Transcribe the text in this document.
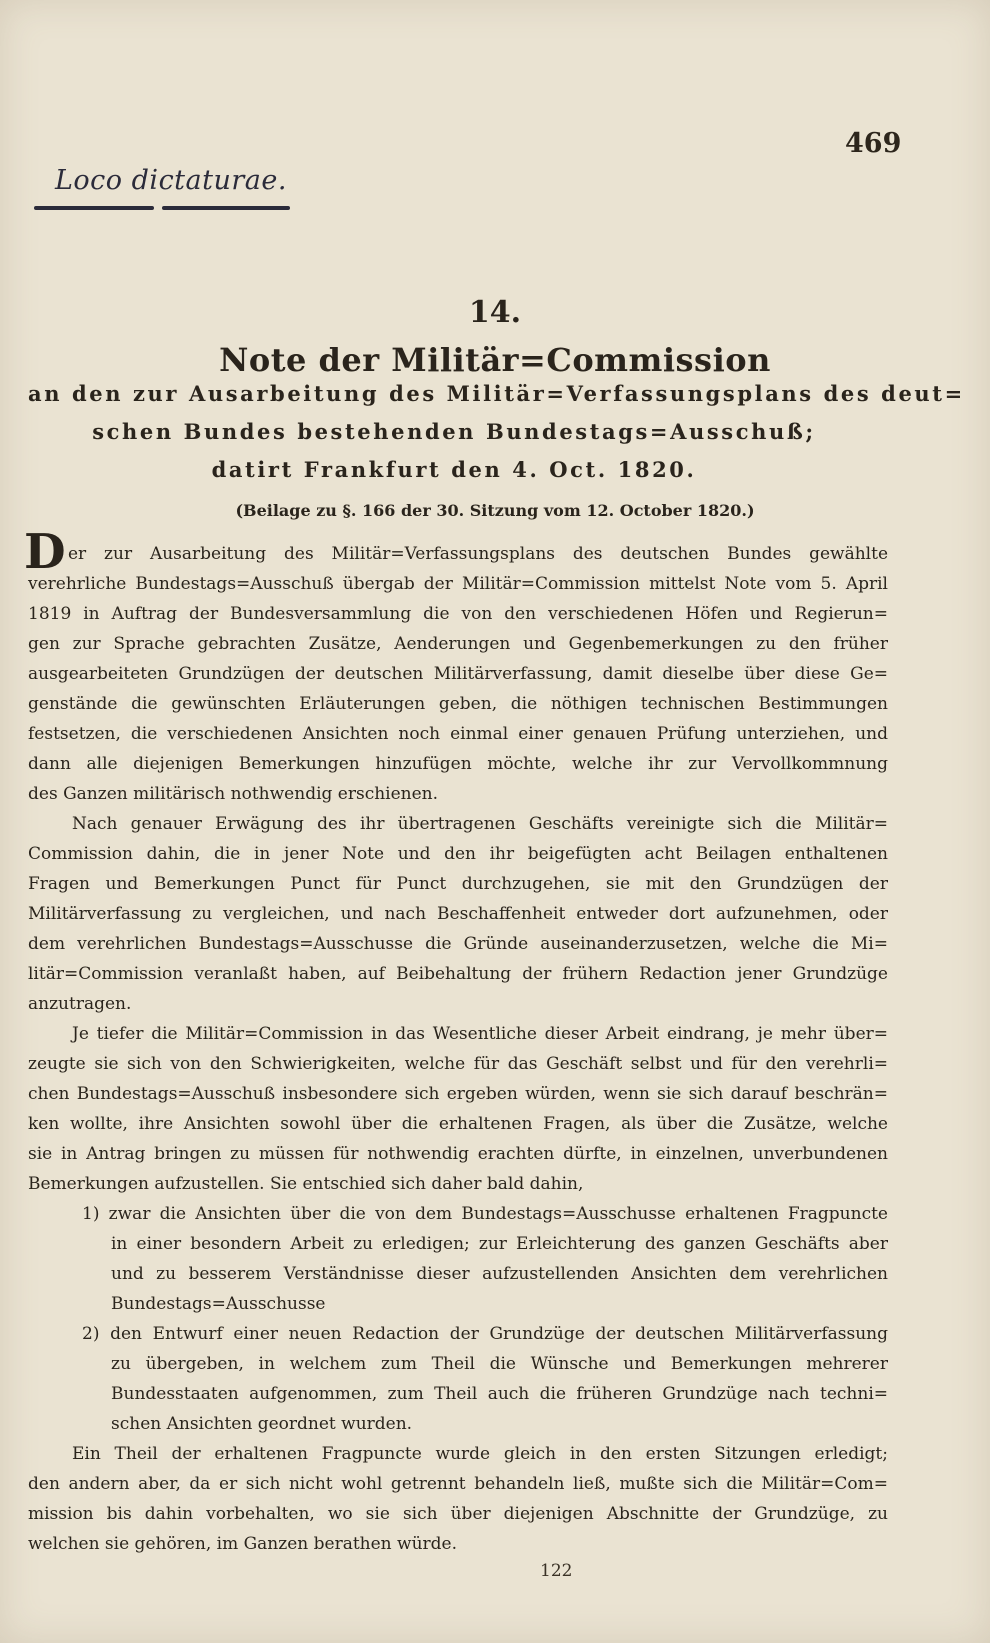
469
Loco dictaturae.
14.
Note der Militär=Commission
an den zur Ausarbeitung des Militär=Verfassungsplans des deut=
schen Bundes bestehenden Bundestags=Ausschuß;
datirt Frankfurt den 4. Oct. 1820.
(Beilage zu §. 166 der 30. Sitzung vom 12. October 1820.)
D er zur Ausarbeitung des Militär=Verfassungsplans des deutschen Bundes gewählte
verehrliche Bundestags=Ausschuß übergab der Militär=Commission mittelst Note vom 5. April
1819 in Auftrag der Bundesversammlung die von den verschiedenen Höfen und Regierun=
gen zur Sprache gebrachten Zusätze, Aenderungen und Gegenbemerkungen zu den früher
ausgearbeiteten Grundzügen der deutschen Militärverfassung, damit dieselbe über diese Ge=
genstände die gewünschten Erläuterungen geben, die nöthigen technischen Bestimmungen
festsetzen, die verschiedenen Ansichten noch einmal einer genauen Prüfung unterziehen, und
dann alle diejenigen Bemerkungen hinzufügen möchte, welche ihr zur Vervollkommnung
des Ganzen militärisch nothwendig erschienen.
Nach genauer Erwägung des ihr übertragenen Geschäfts vereinigte sich die Militär=
Commission dahin, die in jener Note und den ihr beigefügten acht Beilagen enthaltenen
Fragen und Bemerkungen Punct für Punct durchzugehen, sie mit den Grundzügen der
Militärverfassung zu vergleichen, und nach Beschaffenheit entweder dort aufzunehmen, oder
dem verehrlichen Bundestags=Ausschusse die Gründe auseinanderzusetzen, welche die Mi=
litär=Commission veranlaßt haben, auf Beibehaltung der frühern Redaction jener Grundzüge
anzutragen.
Je tiefer die Militär=Commission in das Wesentliche dieser Arbeit eindrang, je mehr über=
zeugte sie sich von den Schwierigkeiten, welche für das Geschäft selbst und für den verehrli=
chen Bundestags=Ausschuß insbesondere sich ergeben würden, wenn sie sich darauf beschrän=
ken wollte, ihre Ansichten sowohl über die erhaltenen Fragen, als über die Zusätze, welche
sie in Antrag bringen zu müssen für nothwendig erachten dürfte, in einzelnen, unverbundenen
Bemerkungen aufzustellen. Sie entschied sich daher bald dahin,
1) zwar die Ansichten über die von dem Bundestags=Ausschusse erhaltenen Fragpuncte
in einer besondern Arbeit zu erledigen; zur Erleichterung des ganzen Geschäfts aber
und zu besserem Verständnisse dieser aufzustellenden Ansichten dem verehrlichen
Bundestags=Ausschusse
2) den Entwurf einer neuen Redaction der Grundzüge der deutschen Militärverfassung
zu übergeben, in welchem zum Theil die Wünsche und Bemerkungen mehrerer
Bundesstaaten aufgenommen, zum Theil auch die früheren Grundzüge nach techni=
schen Ansichten geordnet wurden.
Ein Theil der erhaltenen Fragpuncte wurde gleich in den ersten Sitzungen erledigt;
den andern aber, da er sich nicht wohl getrennt behandeln ließ, mußte sich die Militär=Com=
mission bis dahin vorbehalten, wo sie sich über diejenigen Abschnitte der Grundzüge, zu
welchen sie gehören, im Ganzen berathen würde.
122
